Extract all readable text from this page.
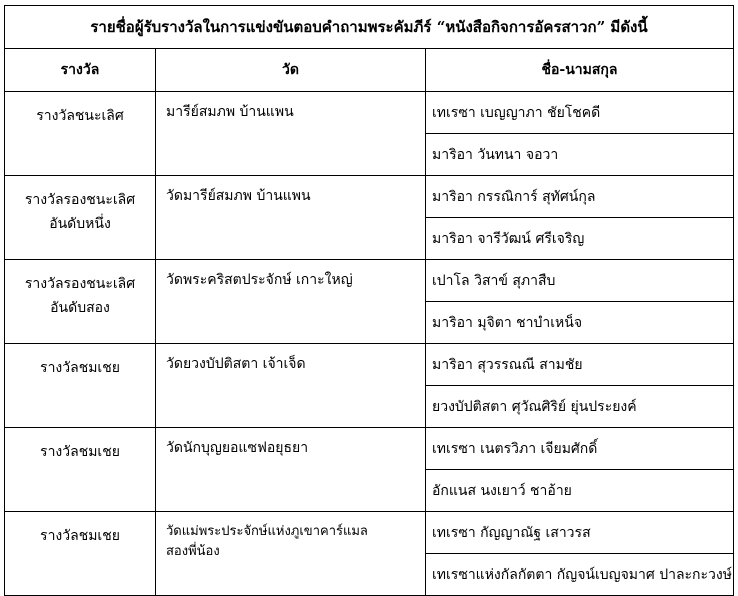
รายชื่อผู้รับรางวัลในการแข่งขันตอบคำถามพระคัมภีร์ “หนังสือกิจการอัครสาวก” มีดังนี้		
รางวัล	วัด	ชื่อ-นามสกุล

รางวัลชนะเลิศ	มารีย์สมภพ บ้านแพน	เทเรซา เบญญาภา ชัยโชคดี
		มาริอา วันทนา จอวา

รางวัลรองชนะเลิศ
อันดับหนึ่ง	วัดมารีย์สมภพ บ้านแพน	มาริอา กรรณิการ์ สุทัศน์กุล
		มาริอา จารีวัฒน์ ศรีเจริญ

รางวัลรองชนะเลิศ
อันดับสอง	วัดพระคริสตประจักษ์ เกาะใหญ่	เปาโล วิสาข์ สุภาสืบ
		มาริอา มุจิตา ชาบำเหน็จ

รางวัลชมเชย	วัดยวงบัปติสตา เจ้าเจ็ด	มาริอา สุวรรณณี สามชัย
		ยวงบัปติสตา ศุวัณศิริย์ ยุ่นประยงค์

รางวัลชมเชย	วัดนักบุญยอแซฟอยุธยา	เทเรซา เนตรวิภา เจียมศักดิ์
		อักแนส นงเยาว์ ชาอ้าย

รางวัลชมเชย	วัดแม่พระประจักษ์แห่งภูเขาคาร์แมล สองพี่น้อง	เทเรซา กัญญาณัฐ เสาวรส
		เทเรซาแห่งกัลกัตตา กัญจน์เบญจมาศ ปาละกะวงษ์
